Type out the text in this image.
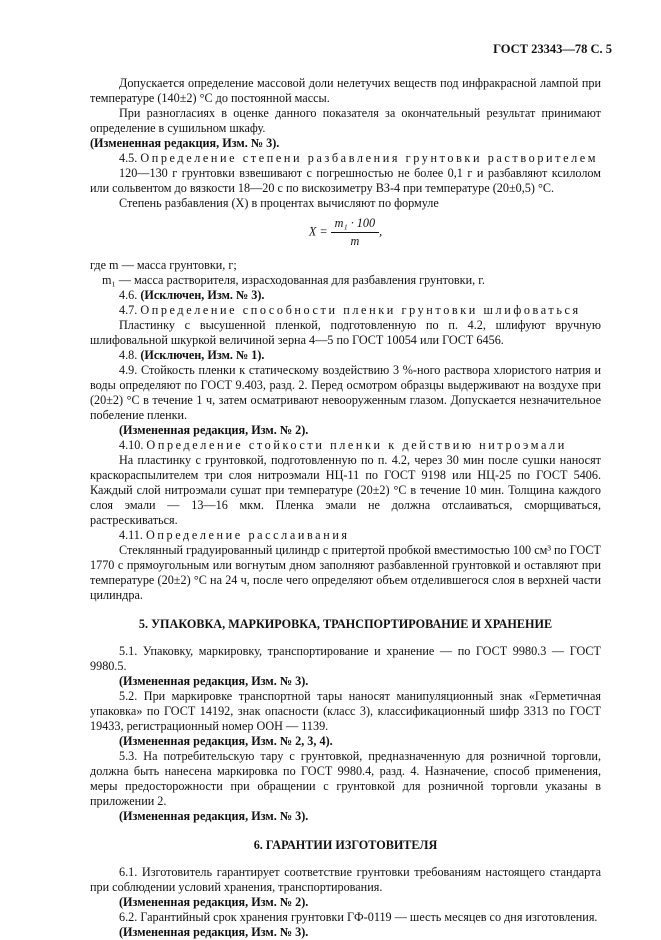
ГОСТ 23343—78 С. 5

Допускается определение массовой доли нелетучих веществ под инфракрасной лампой при температуре (140±2) °С до постоянной массы.

При разногласиях в оценке данного показателя за окончательный результат принимают определение в сушильном шкафу.

(Измененная редакция, Изм. № 3).

4.5. Определение степени разбавления грунтовки растворителем

120—130 г грунтовки взвешивают с погрешностью не более 0,1 г и разбавляют ксилолом или сольвентом до вязкости 18—20 с по вискозиметру ВЗ-4 при температуре (20±0,5) °С.

Степень разбавления (X) в процентах вычисляют по формуле

$X = \frac{\text{m₁ · 100}}{m}$ ,

где m — масса грунтовки, г;

m₁ — масса растворителя, израсходованная для разбавления грунтовки, г.

4.6. (Исключен, Изм. № 3).

4.7. Определение способности пленки грунтовки шлифоваться

Пластинку с высушенной пленкой, подготовленную по п. 4.2, шлифуют вручную шлифовальной шкуркой величиной зерна 4—5 по ГОСТ 10054 или ГОСТ 6456.

4.8. (Исключен, Изм. № 1).

4.9. Стойкость пленки к статическому воздействию 3 %-ного раствора хлористого натрия и воды определяют по ГОСТ 9.403, разд. 2. Перед осмотром образцы выдерживают на воздухе при (20±2) °С в течение 1 ч, затем осматривают невооруженным глазом. Допускается незначительное побеление пленки.

(Измененная редакция, Изм. № 2).

4.10. Определение стойкости пленки к действию нитроэмали

На пластинку с грунтовкой, подготовленную по п. 4.2, через 30 мин после сушки наносят краскораспылителем три слоя нитроэмали НЦ-11 по ГОСТ 9198 или НЦ-25 по ГОСТ 5406. Каждый слой нитроэмали сушат при температуре (20±2) °С в течение 10 мин. Толщина каждого слоя эмали — 13—16 мкм. Пленка эмали не должна отслаиваться, сморщиваться, растрескиваться.

4.11. Определение расслаивания

Стеклянный градуированный цилиндр с притертой пробкой вместимостью 100 см³ по ГОСТ 1770 с прямоугольным или вогнутым дном заполняют разбавленной грунтовкой и оставляют при температуре (20±2) °С на 24 ч, после чего определяют объем отделившегося слоя в верхней части цилиндра.

5. УПАКОВКА, МАРКИРОВКА, ТРАНСПОРТИРОВАНИЕ И ХРАНЕНИЕ

5.1. Упаковку, маркировку, транспортирование и хранение — по ГОСТ 9980.3 — ГОСТ 9980.5.

(Измененная редакция, Изм. № 3).

5.2. При маркировке транспортной тары наносят манипуляционный знак «Герметичная упаковка» по ГОСТ 14192, знак опасности (класс 3), классификационный шифр 3313 по ГОСТ 19433, регистрационный номер ООН — 1139.

(Измененная редакция, Изм. № 2, 3, 4).

5.3. На потребительскую тару с грунтовкой, предназначенную для розничной торговли, должна быть нанесена маркировка по ГОСТ 9980.4, разд. 4. Назначение, способ применения, меры предосторожности при обращении с грунтовкой для розничной торговли указаны в приложении 2.

(Измененная редакция, Изм. № 3).

6. ГАРАНТИИ ИЗГОТОВИТЕЛЯ

6.1. Изготовитель гарантирует соответствие грунтовки требованиям настоящего стандарта при соблюдении условий хранения, транспортирования.

(Измененная редакция, Изм. № 2).

6.2. Гарантийный срок хранения грунтовки ГФ-0119 — шесть месяцев со дня изготовления.

(Измененная редакция, Изм. № 3).
